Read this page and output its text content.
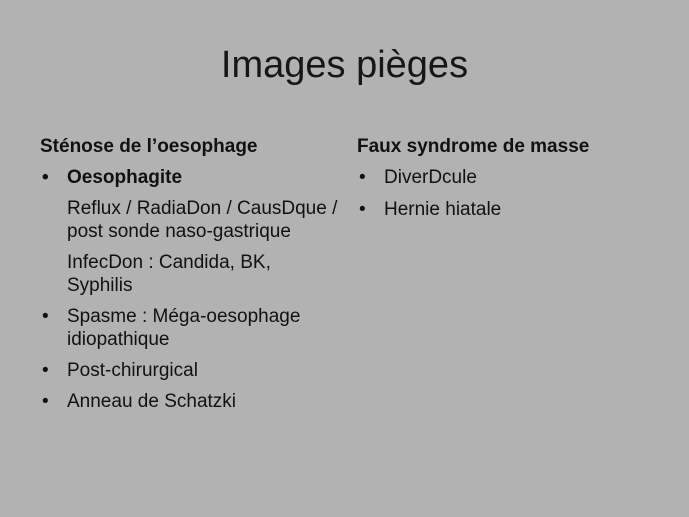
Images pièges
Sténose de l’oesophage
• Oesophagite
Reflux / RadiaDon / CausDque / post sonde naso-gastrique
InfecDon : Candida, BK, Syphilis
• Spasme : Méga-oesophage idiopathique
• Post-chirurgical
• Anneau de Schatzki
Faux syndrome de masse
• DiverDcule
• Hernie hiatale
